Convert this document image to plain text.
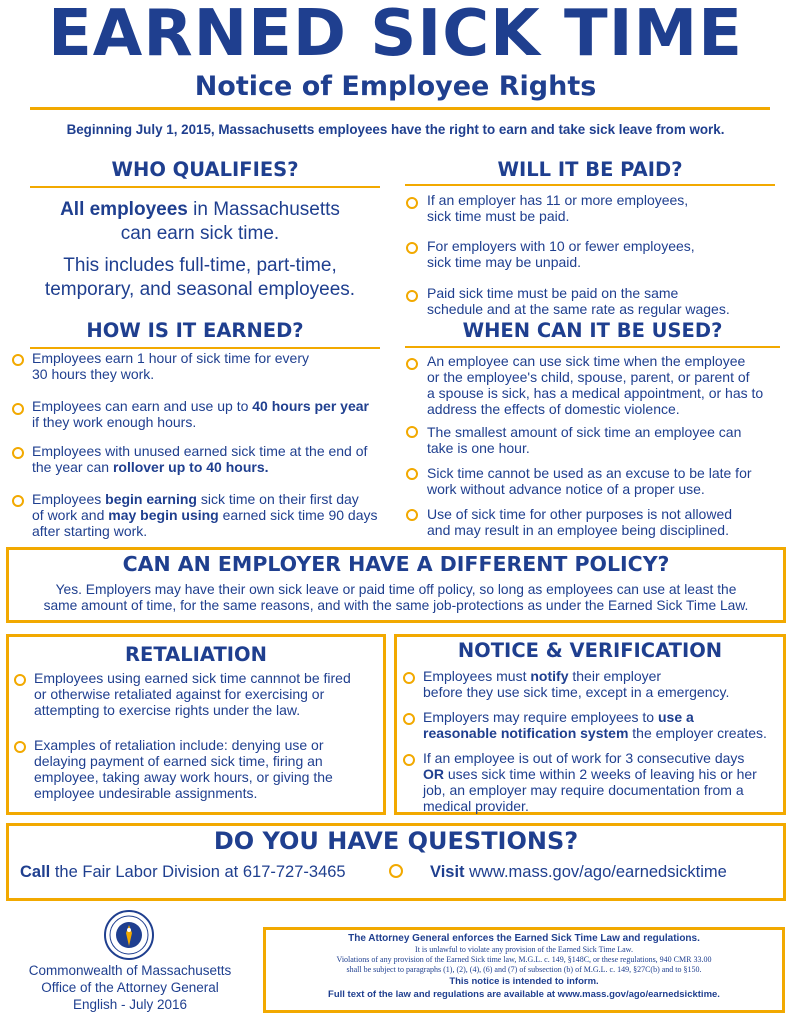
EARNED SICK TIME
Notice of Employee Rights
Beginning July 1, 2015, Massachusetts employees have the right to earn and take sick leave from work.
WHO QUALIFIES?
All employees in Massachusetts
can earn sick time.
This includes full-time, part-time,
temporary, and seasonal employees.
HOW IS IT EARNED?
Employees earn 1 hour of sick time for every
30 hours they work.
Employees can earn and use up to 40 hours per year
if they work enough hours.
Employees with unused earned sick time at the end of
the year can rollover up to 40 hours.
Employees begin earning sick time on their first day
of work and may begin using earned sick time 90 days
after starting work.
WILL IT BE PAID?
If an employer has 11 or more employees,
sick time must be paid.
For employers with 10 or fewer employees,
sick time may be unpaid.
Paid sick time must be paid on the same
schedule and at the same rate as regular wages.
WHEN CAN IT BE USED?
An employee can use sick time when the employee
or the employee's child, spouse, parent, or parent of
a spouse is sick, has a medical appointment, or has to
address the effects of domestic violence.
The smallest amount of sick time an employee can
take is one hour.
Sick time cannot be used as an excuse to be late for
work without advance notice of a proper use.
Use of sick time for other purposes is not allowed
and may result in an employee being disciplined.
CAN AN EMPLOYER HAVE A DIFFERENT POLICY?
Yes. Employers may have their own sick leave or paid time off policy, so long as employees can use at least the
same amount of time, for the same reasons, and with the same job-protections as under the Earned Sick Time Law.
RETALIATION
Employees using earned sick time cannnot be fired
or otherwise retaliated against for exercising or
attempting to exercise rights under the law.
Examples of retaliation include: denying use or
delaying payment of earned sick time, firing an
employee, taking away work hours, or giving the
employee undesirable assignments.
NOTICE & VERIFICATION
Employees must notify their employer
before they use sick time, except in a emergency.
Employers may require employees to use a
reasonable notification system the employer creates.
If an employee is out of work for 3 consecutive days
OR uses sick time within 2 weeks of leaving his or her
job, an employer may require documentation from a
medical provider.
DO YOU HAVE QUESTIONS?
Call the Fair Labor Division at 617-727-3465	Visit www.mass.gov/ago/earnedsicktime
Commonwealth of Massachusetts
Office of the Attorney General
English - July 2016
The Attorney General enforces the Earned Sick Time Law and regulations.
It is unlawful to violate any provision of the Earned Sick Time Law.
Violations of any provision of the Earned Sick time law, M.G.L. c. 149, §148C, or these regulations, 940 CMR 33.00
shall be subject to paragraphs (1), (2), (4), (6) and (7) of subsection (b) of M.G.L. c. 149, §27C(b) and to §150.
This notice is intended to inform.
Full text of the law and regulations are available at www.mass.gov/ago/earnedsicktime.
